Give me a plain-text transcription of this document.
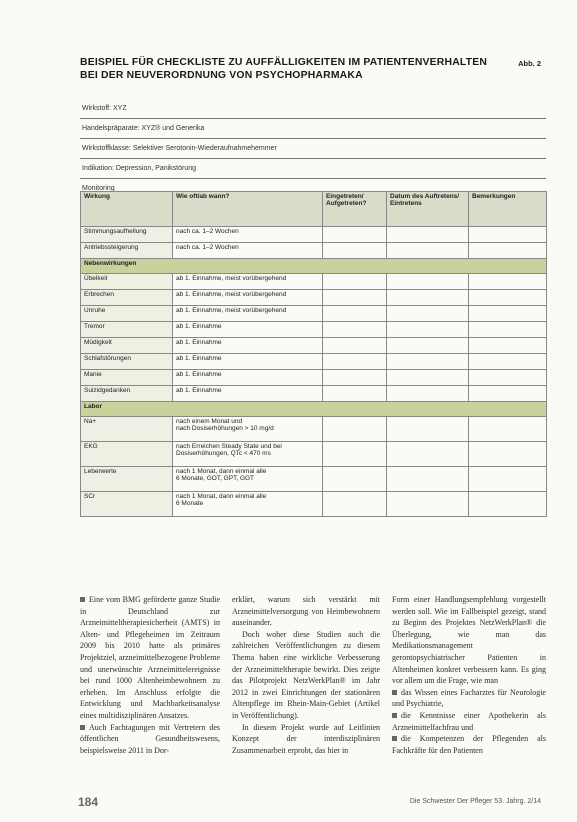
BEISPIEL FÜR CHECKLISTE ZU AUFFÄLLIGKEITEN IM PATIENTENVERHALTEN
BEI DER NEUVERORDNUNG VON PSYCHOPHARMAKA
Abb. 2
Wirkstoff: XYZ
Handelspräparate: XYZ® und Generika
Wirkstoffklasse: Selektiver Serotonin-Wiederaufnahmehemmer
Indikation: Depression, Panikstörung
Monitoring
Wirkung	Wie oft/ab wann?	Eingetreten/ Aufgetreten?	Datum des Auftretens/ Eintretens	Bemerkungen
Stimmungsaufhellung	nach ca. 1–2 Wochen			
Antriebssteigerung	nach ca. 1–2 Wochen			
Nebenwirkungen				
Übelkeit	ab 1. Einnahme, meist vorübergehend			
Erbrechen	ab 1. Einnahme, meist vorübergehend			
Unruhe	ab 1. Einnahme, meist vorübergehend			
Tremor	ab 1. Einnahme			
Müdigkeit	ab 1. Einnahme			
Schlafstörungen	ab 1. Einnahme			
Manie	ab 1. Einnahme			
Suizidgedanken	ab 1. Einnahme			
Labor				
Na+	nach einem Monat und
nach Dosiserhöhungen > 10 mg/d			
EKG	nach Erreichen Steady State und bei
Dosiserhöhungen, QTc < 470 ms			
Leberwerte	nach 1 Monat, dann einmal alle
6 Monate, GOT, GPT, GGT			
SCr	nach 1 Monat, dann einmal alle
6 Monate			

Eine vom BMG geförderte ganze Studie in Deutschland zur Arzneimitteltherapiesicherheit (AMTS) in Alten- und Pflegeheimen im Zeitraum 2009 bis 2010 hatte als primäres Projektziel, arzneimittelbezogene Probleme und unerwünschte Arzneimittelereignisse bei rund 1000 Altenheimbewohnern zu erheben. Im Anschluss erfolgte die Entwicklung und Machbarkeitsanalyse eines multidisziplinären Ansatzes.

Auch Fachtagungen mit Vertretern des öffentlichen Gesundheitswesens, beispielsweise 2011 in Dor-

erklärt, warum sich verstärkt mit Arzneimittelversorgung von Heimbewohnern auseinander.

Doch woher diese Studien auch die zahlreichen Veröffentlichungen zu diesem Thema haben eine wirkliche Verbesserung der Arzneimitteltherapie bewirkt. Dies zeigte das Pilotprojekt NetzWerkPlan® im Jahr 2012 in zwei Einrichtungen der stationären Altenpflege im Rhein-Main-Gebiet (Artikel in Veröffentlichung).

In diesem Projekt wurde auf Leitlinien Konzept der interdisziplinären Zusammenarbeit erprobt, das hier in

Form einer Handlungsempfehlung vorgestellt werden soll. Wie im Fallbeispiel gezeigt, stand zu Beginn des Projektes NetzWerkPlan® die Überlegung, wie man das Medikationsmanagement gerontopsychiatrischer Patienten in Altenheimen konkret verbessern kann. Es ging vor allem um die Frage, wie man

das Wissen eines Facharztes für Neurologie und Psychiatrie,

die Kenntnisse einer Apothekerin als Arzneimittelfachfrau und

die Kompetenzen der Pflegenden als Fachkräfte für den Patienten

184	Die Schwester Der Pfleger 53. Jahrg. 2/14
